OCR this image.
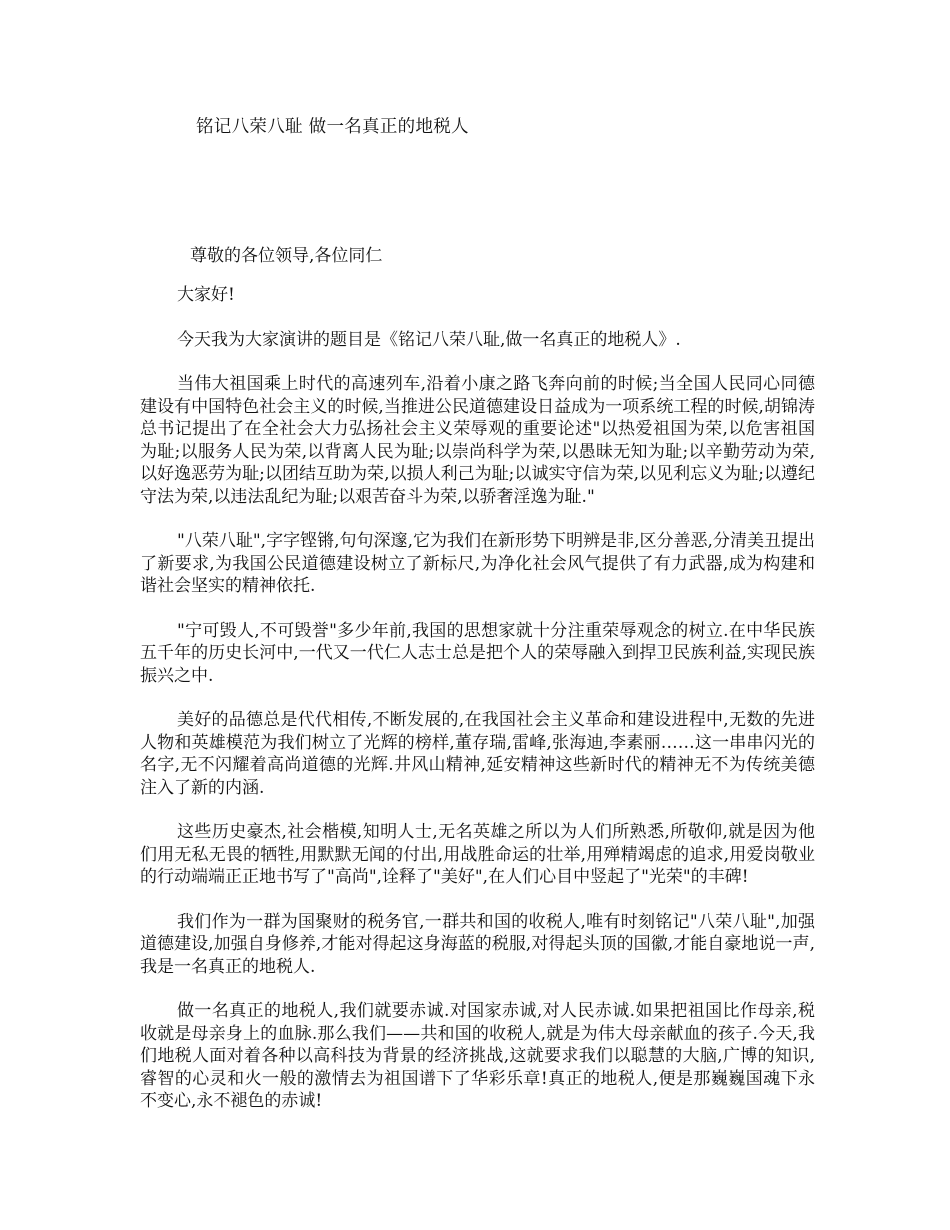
铭记八荣八耻 做一名真正的地税人
尊敬的各位领导,各位同仁

大家好!

今天我为大家演讲的题目是《铭记八荣八耻,做一名真正的地税人》.

当伟大祖国乘上时代的高速列车,沿着小康之路飞奔向前的时候;当全国人民同心同德建设有中国特色社会主义的时候,当推进公民道德建设日益成为一项系统工程的时候,胡锦涛总书记提出了在全社会大力弘扬社会主义荣辱观的重要论述"以热爱祖国为荣,以危害祖国为耻;以服务人民为荣,以背离人民为耻;以崇尚科学为荣,以愚昧无知为耻;以辛勤劳动为荣,以好逸恶劳为耻;以团结互助为荣,以损人利己为耻;以诚实守信为荣,以见利忘义为耻;以遵纪守法为荣,以违法乱纪为耻;以艰苦奋斗为荣,以骄奢淫逸为耻."

"八荣八耻",字字铿锵,句句深邃,它为我们在新形势下明辨是非,区分善恶,分清美丑提出了新要求,为我国公民道德建设树立了新标尺,为净化社会风气提供了有力武器,成为构建和谐社会坚实的精神依托.

"宁可毁人,不可毁誉"多少年前,我国的思想家就十分注重荣辱观念的树立.在中华民族五千年的历史长河中,一代又一代仁人志士总是把个人的荣辱融入到捍卫民族利益,实现民族振兴之中.

美好的品德总是代代相传,不断发展的,在我国社会主义革命和建设进程中,无数的先进人物和英雄模范为我们树立了光辉的榜样,董存瑞,雷峰,张海迪,李素丽……这一串串闪光的名字,无不闪耀着高尚道德的光辉.井风山精神,延安精神这些新时代的精神无不为传统美德注入了新的内涵.

这些历史豪杰,社会楷模,知明人士,无名英雄之所以为人们所熟悉,所敬仰,就是因为他们用无私无畏的牺牲,用默默无闻的付出,用战胜命运的壮举,用殚精竭虑的追求,用爱岗敬业的行动端端正正地书写了"高尚",诠释了"美好",在人们心目中竖起了"光荣"的丰碑!

我们作为一群为国聚财的税务官,一群共和国的收税人,唯有时刻铭记"八荣八耻",加强道德建设,加强自身修养,才能对得起这身海蓝的税服,对得起头顶的国徽,才能自豪地说一声,我是一名真正的地税人.

做一名真正的地税人,我们就要赤诚.对国家赤诚,对人民赤诚.如果把祖国比作母亲,税收就是母亲身上的血脉.那么我们——共和国的收税人,就是为伟大母亲献血的孩子.今天,我们地税人面对着各种以高科技为背景的经济挑战,这就要求我们以聪慧的大脑,广博的知识,睿智的心灵和火一般的激情去为祖国谱下了华彩乐章!真正的地税人,便是那巍巍国魂下永不变心,永不褪色的赤诚!
